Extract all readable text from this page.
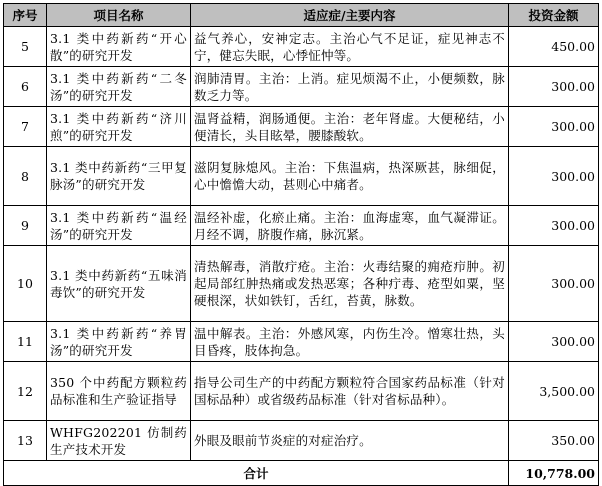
序号	项目名称	适应症/主要内容	投资金额
5	3.1 类中药新药“开心散”的研究开发	益气养心，安神定志。主治心气不足证，症见神志不宁，健忘失眠，心悸怔忡等。	450.00
6	3.1 类中药新药“二冬汤”的研究开发	润肺清胃。主治：上消。症见烦渴不止，小便频数，脉数乏力等。	300.00
7	3.1 类中药新药“济川煎”的研究开发	温肾益精，润肠通便。主治：老年肾虚。大便秘结，小便清长，头目眩晕，腰膝酸软。	300.00
8	3.1 类中药新药“三甲复脉汤”的研究开发	滋阴复脉熄风。主治：下焦温病，热深厥甚，脉细促，心中憺憺大动，甚则心中痛者。	300.00
9	3.1 类中药新药“温经汤”的研究开发	温经补虚，化瘀止痛。主治：血海虚寒，血气凝滞证。月经不调，脐腹作痛，脉沉紧。	300.00
10	3.1 类中药新药“五味消毒饮”的研究开发	清热解毒，消散疔疮。主治：火毒结聚的痈疮疖肿。初起局部红肿热痛或发热恶寒；各种疔毒、疮型如粟，坚硬根深，状如铁钉，舌红，苔黄，脉数。	300.00
11	3.1 类中药新药“养胃汤”的研究开发	温中解表。主治：外感风寒，内伤生冷。憎寒壮热，头目昏疼，肢体拘急。	300.00
12	350 个中药配方颗粒药品标准和生产验证指导	指导公司生产的中药配方颗粒符合国家药品标准（针对国标品种）或省级药品标准（针对省标品种）。	3,500.00
13	WHFG202201 仿制药生产技术开发	外眼及眼前节炎症的对症治疗。	350.00
合计			10,778.00
